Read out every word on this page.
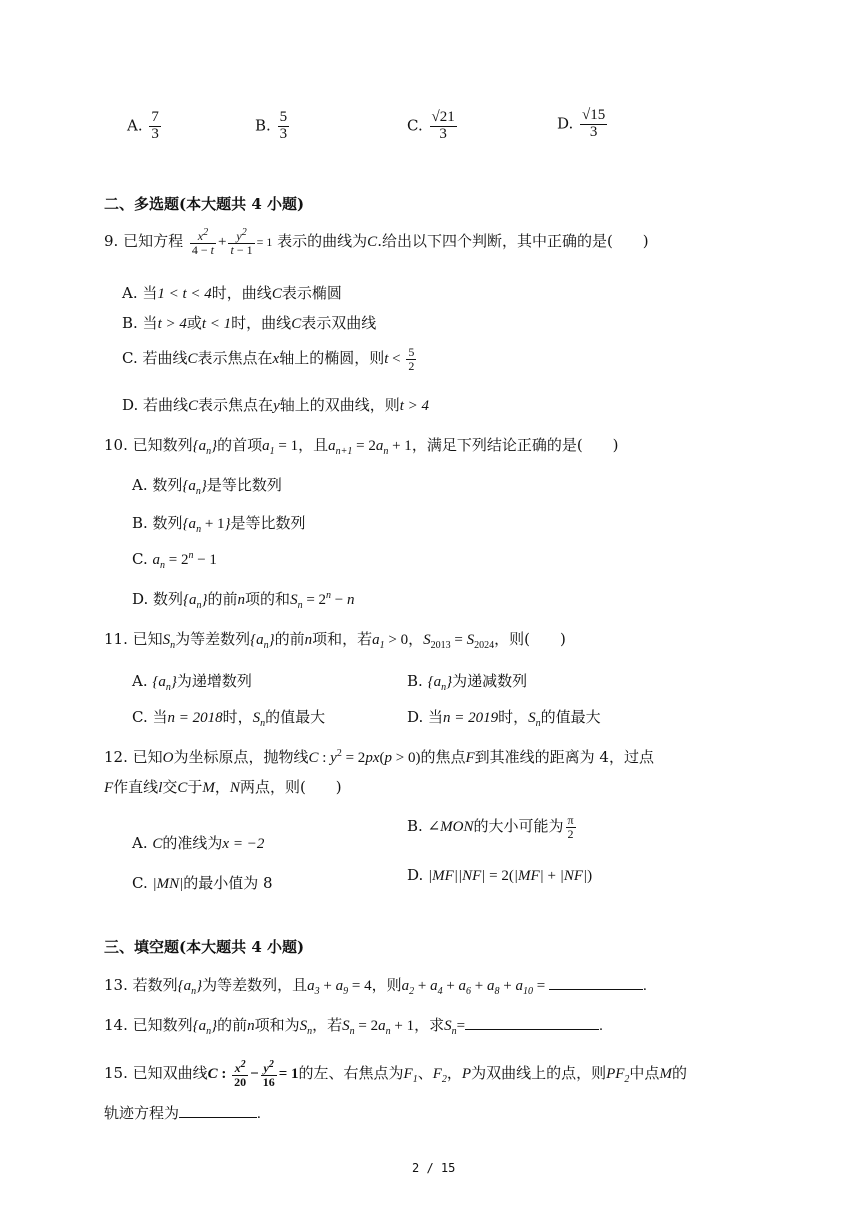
A. $\frac{7}{3}$	B. $\frac{5}{3}$	C. $\frac{√21}{3}$	D. $\frac{√15}{3}$
二、多选题(本大题共 4 小题)
9. 已知方程 $\frac{x^2}{4 - t} + \frac{y^2}{t - 1} = 1$ 表示的曲线为C.给出以下四个判断，其中正确的是(　　)
A. 当1 < t < 4时，曲线C表示椭圆
B. 当t > 4或t < 1时，曲线C表示双曲线
C. 若曲线C表示焦点在x轴上的椭圆，则$t < \frac{5}{2}$
D. 若曲线C表示焦点在y轴上的双曲线，则t > 4
10. 已知数列$\{a_n\}$的首项$a_1 = 1$，且$a_{n+1} = 2a_n + 1$，满足下列结论正确的是(　　)
A. 数列$\{a_n\}$是等比数列
B. 数列$\{a_n + 1\}$是等比数列
C. $a_n = 2^n - 1$
D. 数列$\{a_n\}$的前n项的和$S_n = 2^n - n$
11. 已知$S_n$为等差数列$\{a_n\}$的前n项和，若$a_1 > 0$，$S_{2013} = S_{2024}$，则(　　)
A. $\{a_n\}$为递增数列	B. $\{a_n\}$为递减数列
C. 当n = 2018时，$S_n$的值最大	D. 当n = 2019时，$S_n$的值最大
12. 已知O为坐标原点，抛物线C : $y^2 = 2px(p > 0)$的焦点F到其准线的距离为 4，过点
F作直线l交C于M，N两点，则(　　)
A. C的准线为x = −2
B. ∠MON的大小可能为 $\frac{\pi}{2}$
C. |MN|的最小值为 8	D. |MF||NF| = 2(|MF| + |NF|)
三、填空题(本大题共 4 小题)
13. 若数列$\{a_n\}$为等差数列，且$a_3 + a_9 = 4$，则$a_2 + a_4 + a_6 + a_8 + a_{10}$ =	.
14. 已知数列$\{a_n\}$的前n项和为$S_n$，若$S_n = 2a_n + 1$，求$S_n=$	.
15. 已知双曲线C : $\frac{x^2}{20} - \frac{y^2}{16} = 1$的左、右焦点为$F_1$、$F_2$，P为双曲线上的点，则$PF_2$中点M的
轨迹方程为	.
2 / 15
